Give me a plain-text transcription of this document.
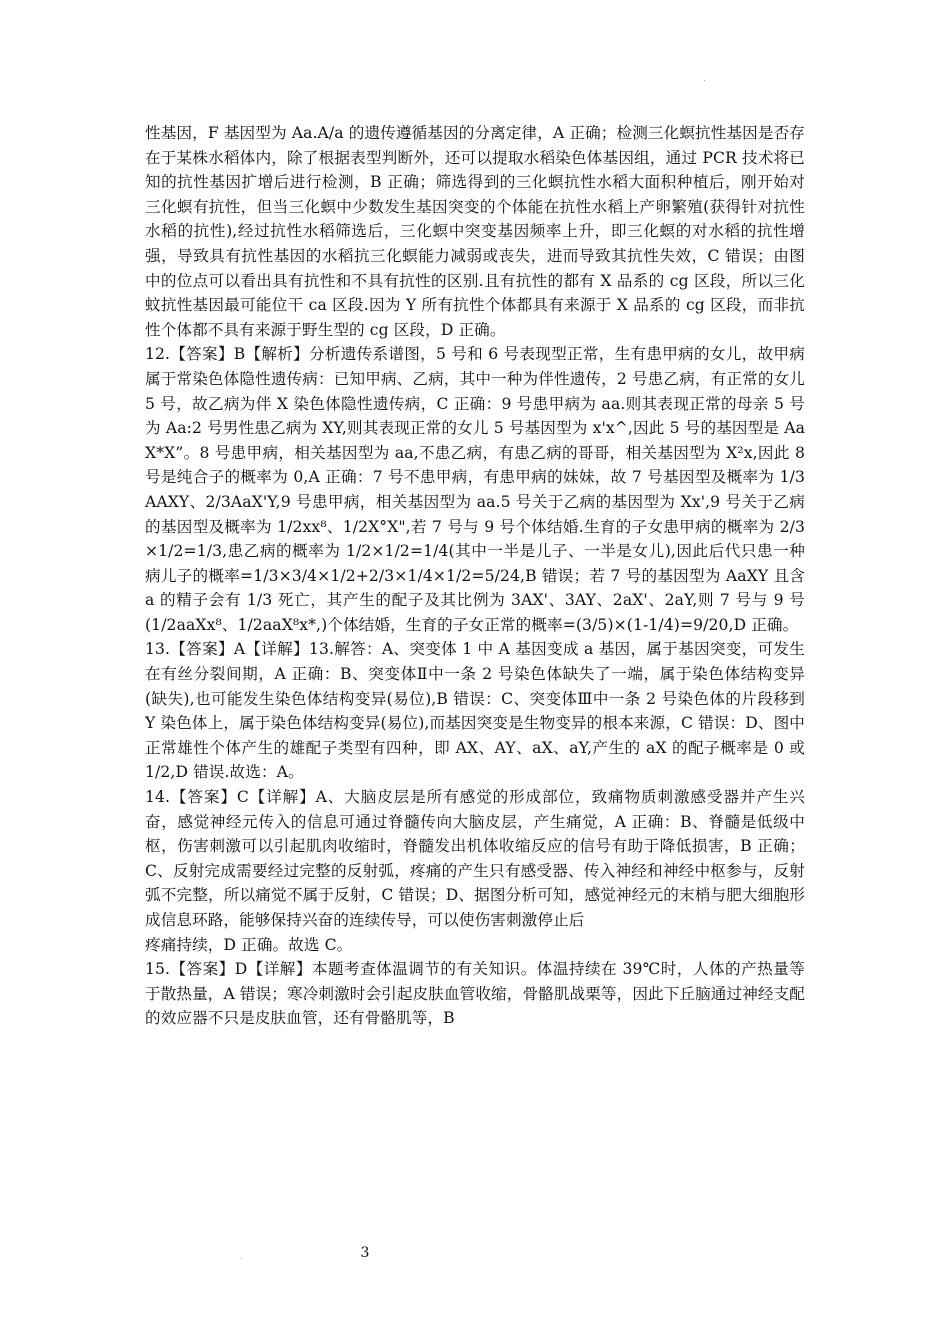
.

性基因，F 基因型为 Aa.A/a 的遗传遵循基因的分离定律，A 正确；检测三化螟抗性基因是否存在于某株水稻体内，除了根据表型判断外，还可以提取水稻染色体基因组，通过 PCR 技术将已知的抗性基因扩增后进行检测，B 正确；筛选得到的三化螟抗性水稻大面积种植后，刚开始对三化螟有抗性，但当三化螟中少数发生基因突变的个体能在抗性水稻上产卵繁殖(获得针对抗性水稻的抗性),经过抗性水稻筛选后，三化螟中突变基因频率上升，即三化螟的对水稻的抗性增强，导致具有抗性基因的水稻抗三化螟能力减弱或丧失，进而导致其抗性失效，C 错误；由图中的位点可以看出具有抗性和不具有抗性的区别.且有抗性的都有 X 品系的 cg 区段，所以三化蚊抗性基因最可能位干 ca 区段.因为 Y 所有抗性个体都具有来源于 X 品系的 cg 区段，而非抗性个体都不具有来源于野生型的 cg 区段，D 正确。

12.【答案】B【解析】分析遗传系谱图，5 号和 6 号表现型正常，生有患甲病的女儿，故甲病属于常染色体隐性遗传病：已知甲病、乙病，其中一种为伴性遗传，2 号患乙病，有正常的女儿 5 号，故乙病为伴 X 染色体隐性遗传病，C 正确：9 号患甲病为 aa.则其表现正常的母亲 5 号为 Aa:2 号男性患乙病为 XY,则其表现正常的女儿 5 号基因型为 x'x^,因此 5 号的基因型是 AaX*X”。8 号患甲病，相关基因型为 aa,不患乙病，有患乙病的哥哥，相关基因型为 X²x,因此 8 号是纯合子的概率为 0,A 正确：7 号不患甲病，有患甲病的妹妹，故 7 号基因型及概率为 1/3AAXY、2/3AaX'Y,9 号患甲病，相关基因型为 aa.5 号关于乙病的基因型为 Xx',9 号关于乙病的基因型及概率为 1/2xx⁸、1/2X°X",若 7 号与 9 号个体结婚.生育的子女患甲病的概率为 2/3×1/2=1/3,患乙病的概率为 1/2×1/2=1/4(其中一半是儿子、一半是女儿),因此后代只患一种病儿子的概率=1/3×3/4×1/2+2/3×1/4×1/2=5/24,B 错误；若 7 号的基因型为 AaXY 且含 a 的精子会有 1/3 死亡，其产生的配子及其比例为 3AX'、3AY、2aX'、2aY,则 7 号与 9 号(1/2aaXx⁸、1/2aaX⁸x*,)个体结婚，生育的子女正常的概率=(3/5)×(1-1/4)=9/20,D 正确。

13.【答案】A【详解】13.解答：A、突变体 1 中 A 基因变成 a 基因，属于基因突变，可发生在有丝分裂间期，A 正确：B、突变体Ⅱ中一条 2 号染色体缺失了一端，属于染色体结构变异(缺失),也可能发生染色体结构变异(易位),B 错误：C、突变体Ⅲ中一条 2 号染色体的片段移到 Y 染色体上，属于染色体结构变异(易位),而基因突变是生物变异的根本来源，C 错误：D、图中正常雄性个体产生的雄配子类型有四种，即 AX、AY、aX、aY,产生的 aX 的配子概率是 0 或 1/2,D 错误.故选：A。

14.【答案】C【详解】A、大脑皮层是所有感觉的形成部位，致痛物质刺激感受器并产生兴奋，感觉神经元传入的信息可通过脊髓传向大脑皮层，产生痛觉，A 正确：B、脊髓是低级中枢，伤害刺激可以引起肌肉收缩时，脊髓发出机体收缩反应的信号有助于降低损害，B 正确；C、反射完成需要经过完整的反射弧，疼痛的产生只有感受器、传入神经和神经中枢参与，反射弧不完整，所以痛觉不属于反射，C 错误；D、据图分析可知，感觉神经元的末梢与肥大细胞形成信息环路，能够保持兴奋的连续传导，可以使伤害刺激停止后

疼痛持续，D 正确。故选 C。

15.【答案】D【详解】本题考查体温调节的有关知识。体温持续在 39℃时，人体的产热量等于散热量，A 错误；寒冷刺激时会引起皮肤血管收缩，骨骼肌战栗等，因此下丘脑通过神经支配的效应器不只是皮肤血管，还有骨骼肌等，B

.	3
